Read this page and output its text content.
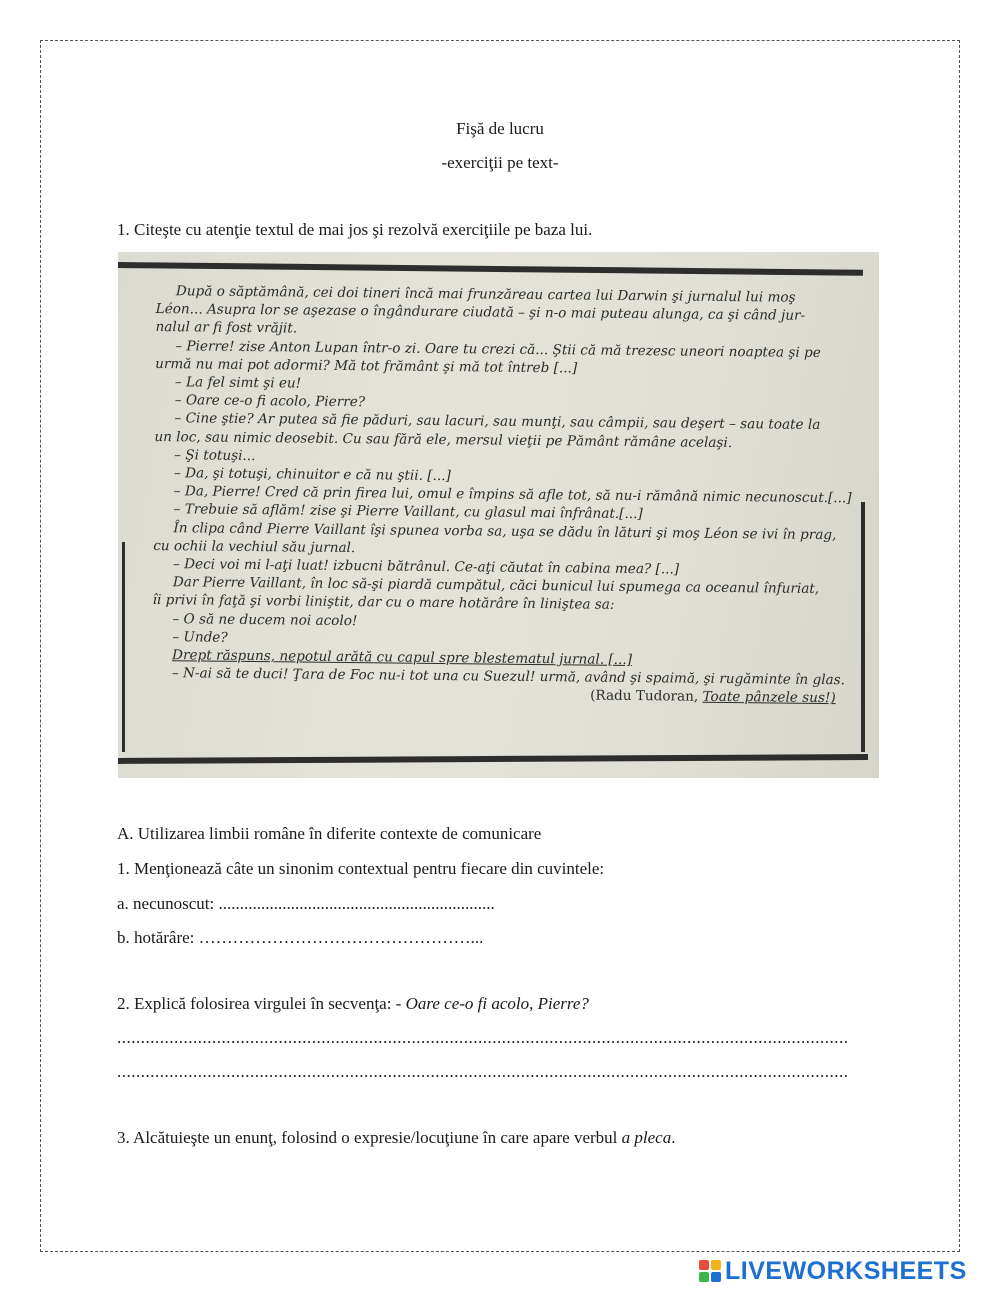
Fişă de lucru
-exerciţii pe text-
1. Citeşte cu atenţie textul de mai jos şi rezolvă exerciţiile pe baza lui.

După o săptămână, cei doi tineri încă mai frunzăreau cartea lui Darwin şi jurnalul lui moş

Léon... Asupra lor se aşezase o îngândurare ciudată – şi n-o mai puteau alunga, ca şi când jur-

nalul ar fi fost vrăjit.

– Pierre! zise Anton Lupan într-o zi. Oare tu crezi că... Ştii că mă trezesc uneori noaptea şi pe

urmă nu mai pot adormi? Mă tot frământ şi mă tot întreb [...]

– La fel simt şi eu!

– Oare ce-o fi acolo, Pierre?

– Cine ştie? Ar putea să fie păduri, sau lacuri, sau munţi, sau câmpii, sau deşert – sau toate la

un loc, sau nimic deosebit. Cu sau fără ele, mersul vieţii pe Pământ rămâne acelaşi.

– Şi totuşi...

– Da, şi totuşi, chinuitor e că nu ştii. [...]

– Da, Pierre! Cred că prin firea lui, omul e împins să afle tot, să nu-i rămână nimic necunoscut.[...]

– Trebuie să aflăm! zise şi Pierre Vaillant, cu glasul mai înfrânat.[...]

În clipa când Pierre Vaillant îşi spunea vorba sa, uşa se dădu în lături şi moş Léon se ivi în prag,

cu ochii la vechiul său jurnal.

– Deci voi mi l-aţi luat! izbucni bătrânul. Ce-aţi căutat în cabina mea? [...]

Dar Pierre Vaillant, în loc să-şi piardă cumpătul, căci bunicul lui spumega ca oceanul înfuriat,

îi privi în faţă şi vorbi liniştit, dar cu o mare hotărâre în liniştea sa:

– O să ne ducem noi acolo!

– Unde?

Drept răspuns, nepotul arătă cu capul spre blestematul jurnal. [...]

– N-ai să te duci! Ţara de Foc nu-i tot una cu Suezul! urmă, având şi spaimă, şi rugăminte în glas.

(Radu Tudoran, Toate pânzele sus!)

A. Utilizarea limbii române în diferite contexte de comunicare
1. Menţionează câte un sinonim contextual pentru fiecare din cuvintele:
a. necunoscut: .................................................................
b. hotărâre: …………………………………………...
2. Explică folosirea virgulei în secvenţa: - Oare ce-o fi acolo, Pierre?
..........................................................................................................................................................
..........................................................................................................................................................
3. Alcătuieşte un enunţ, folosind o expresie/locuţiune în care apare verbul a pleca.
LIVEWORKSHEETS
